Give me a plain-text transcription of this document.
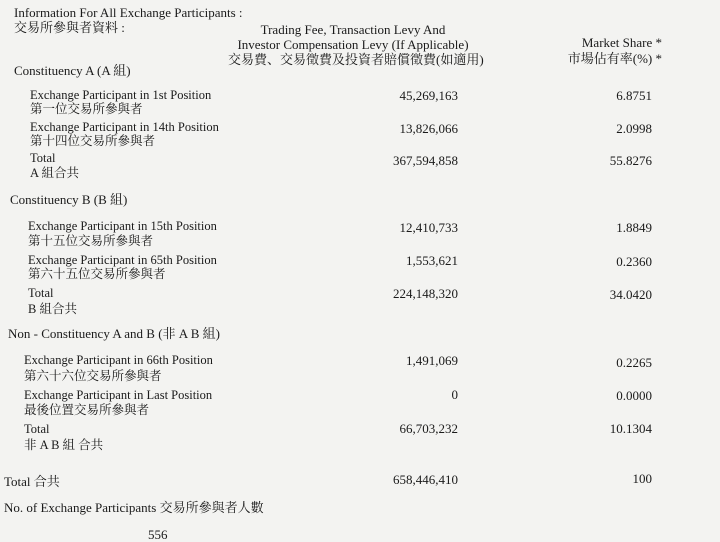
Information For All Exchange Participants :
交易所參與者資料 :	Trading Fee, Transaction Levy And
Investor Compensation Levy (If Applicable)
交易費、交易徵費及投資者賠償徵費(如適用)
Market Share *
市場佔有率(%) *
Constituency A (A 組)
Exchange Participant in 1st Position
第一位交易所參與者
45,269,163	6.8751
Exchange Participant in 14th Position
第十四位交易所參與者
13,826,066	2.0998
Total
A 組合共
367,594,858	55.8276
Constituency B (B 組)
Exchange Participant in 15th Position
第十五位交易所參與者
12,410,733	1.8849
Exchange Participant in 65th Position
第六十五位交易所參與者
1,553,621	0.2360
Total
B 組合共
224,148,320	34.0420
Non - Constituency A and B (非 A B 組)
Exchange Participant in 66th Position
第六十六位交易所參與者
1,491,069	0.2265
Exchange Participant in Last Position
最後位置交易所參與者
0	0.0000
Total
非 A B 組 合共
66,703,232	10.1304
Total 合共	658,446,410	100
No. of Exchange Participants 交易所參與者人數
556
